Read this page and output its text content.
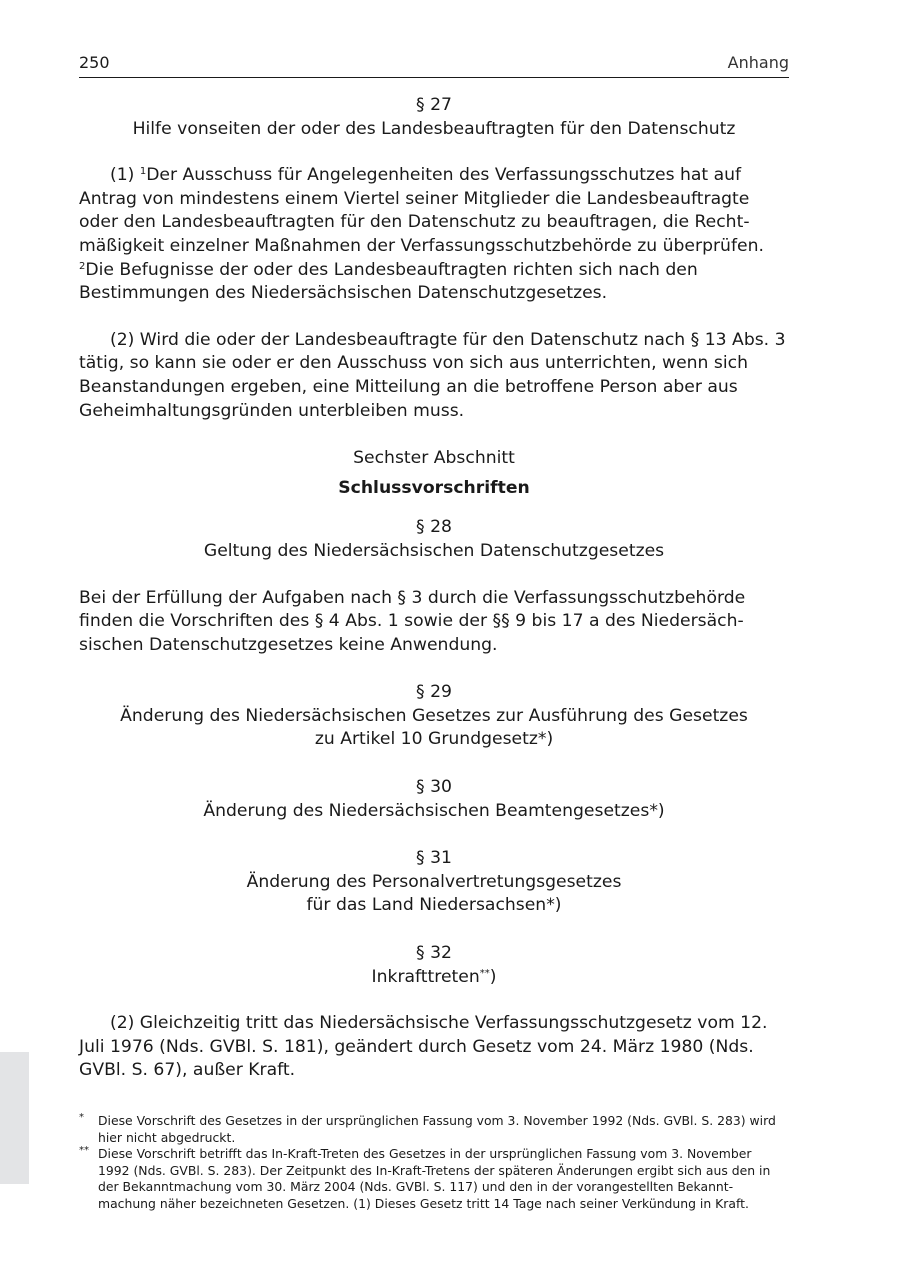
250	Anhang
§ 27
Hilfe vonseiten der oder des Landesbeauftragten für den Datenschutz

(1) $^1$Der Ausschuss für Angelegenheiten des Verfassungsschutzes hat auf Antrag von mindestens einem Viertel seiner Mitglieder die Landesbeauftragte oder den Landesbeauftragten für den Datenschutz zu beauftragen, die Rechtmäßigkeit einzelner Maßnahmen der Verfassungsschutzbehörde zu überprüfen. $^2$Die Befugnisse der oder des Landesbeauftragten richten sich nach den Bestimmungen des Niedersächsischen Datenschutzgesetzes.

(2) Wird die oder der Landesbeauftragte für den Datenschutz nach § 13 Abs. 3 tätig, so kann sie oder er den Ausschuss von sich aus unterrichten, wenn sich Beanstandungen ergeben, eine Mitteilung an die betroffene Person aber aus Geheimhaltungsgründen unterbleiben muss.

Sechster Abschnitt
Schlussvorschriften
§ 28
Geltung des Niedersächsischen Datenschutzgesetzes

Bei der Erfüllung der Aufgaben nach § 3 durch die Verfassungsschutzbehörde finden die Vorschriften des § 4 Abs. 1 sowie der §§ 9 bis 17 a des Niedersächsischen Datenschutzgesetzes keine Anwendung.

§ 29
Änderung des Niedersächsischen Gesetzes zur Ausführung des Gesetzes
zu Artikel 10 Grundgesetz*)
§ 30
Änderung des Niedersächsischen Beamtengesetzes*)
§ 31
Änderung des Personalvertretungsgesetzes
für das Land Niedersachsen*)
§ 32
Inkrafttreten**)

(2) Gleichzeitig tritt das Niedersächsische Verfassungsschutzgesetz vom 12. Juli 1976 (Nds. GVBl. S. 181), geändert durch Gesetz vom 24. März 1980 (Nds. GVBl. S. 67), außer Kraft.

* Diese Vorschrift des Gesetzes in der ursprünglichen Fassung vom 3. November 1992 (Nds. GVBl. S. 283) wird hier nicht abgedruckt.
** Diese Vorschrift betrifft das In-Kraft-Treten des Gesetzes in der ursprünglichen Fassung vom 3. November 1992 (Nds. GVBl. S. 283). Der Zeitpunkt des In-Kraft-Tretens der späteren Änderungen ergibt sich aus den in der Bekanntmachung vom 30. März 2004 (Nds. GVBl. S. 117) und den in der vorangestellten Bekanntmachung näher bezeichneten Gesetzen. (1) Dieses Gesetz tritt 14 Tage nach seiner Verkündung in Kraft.
